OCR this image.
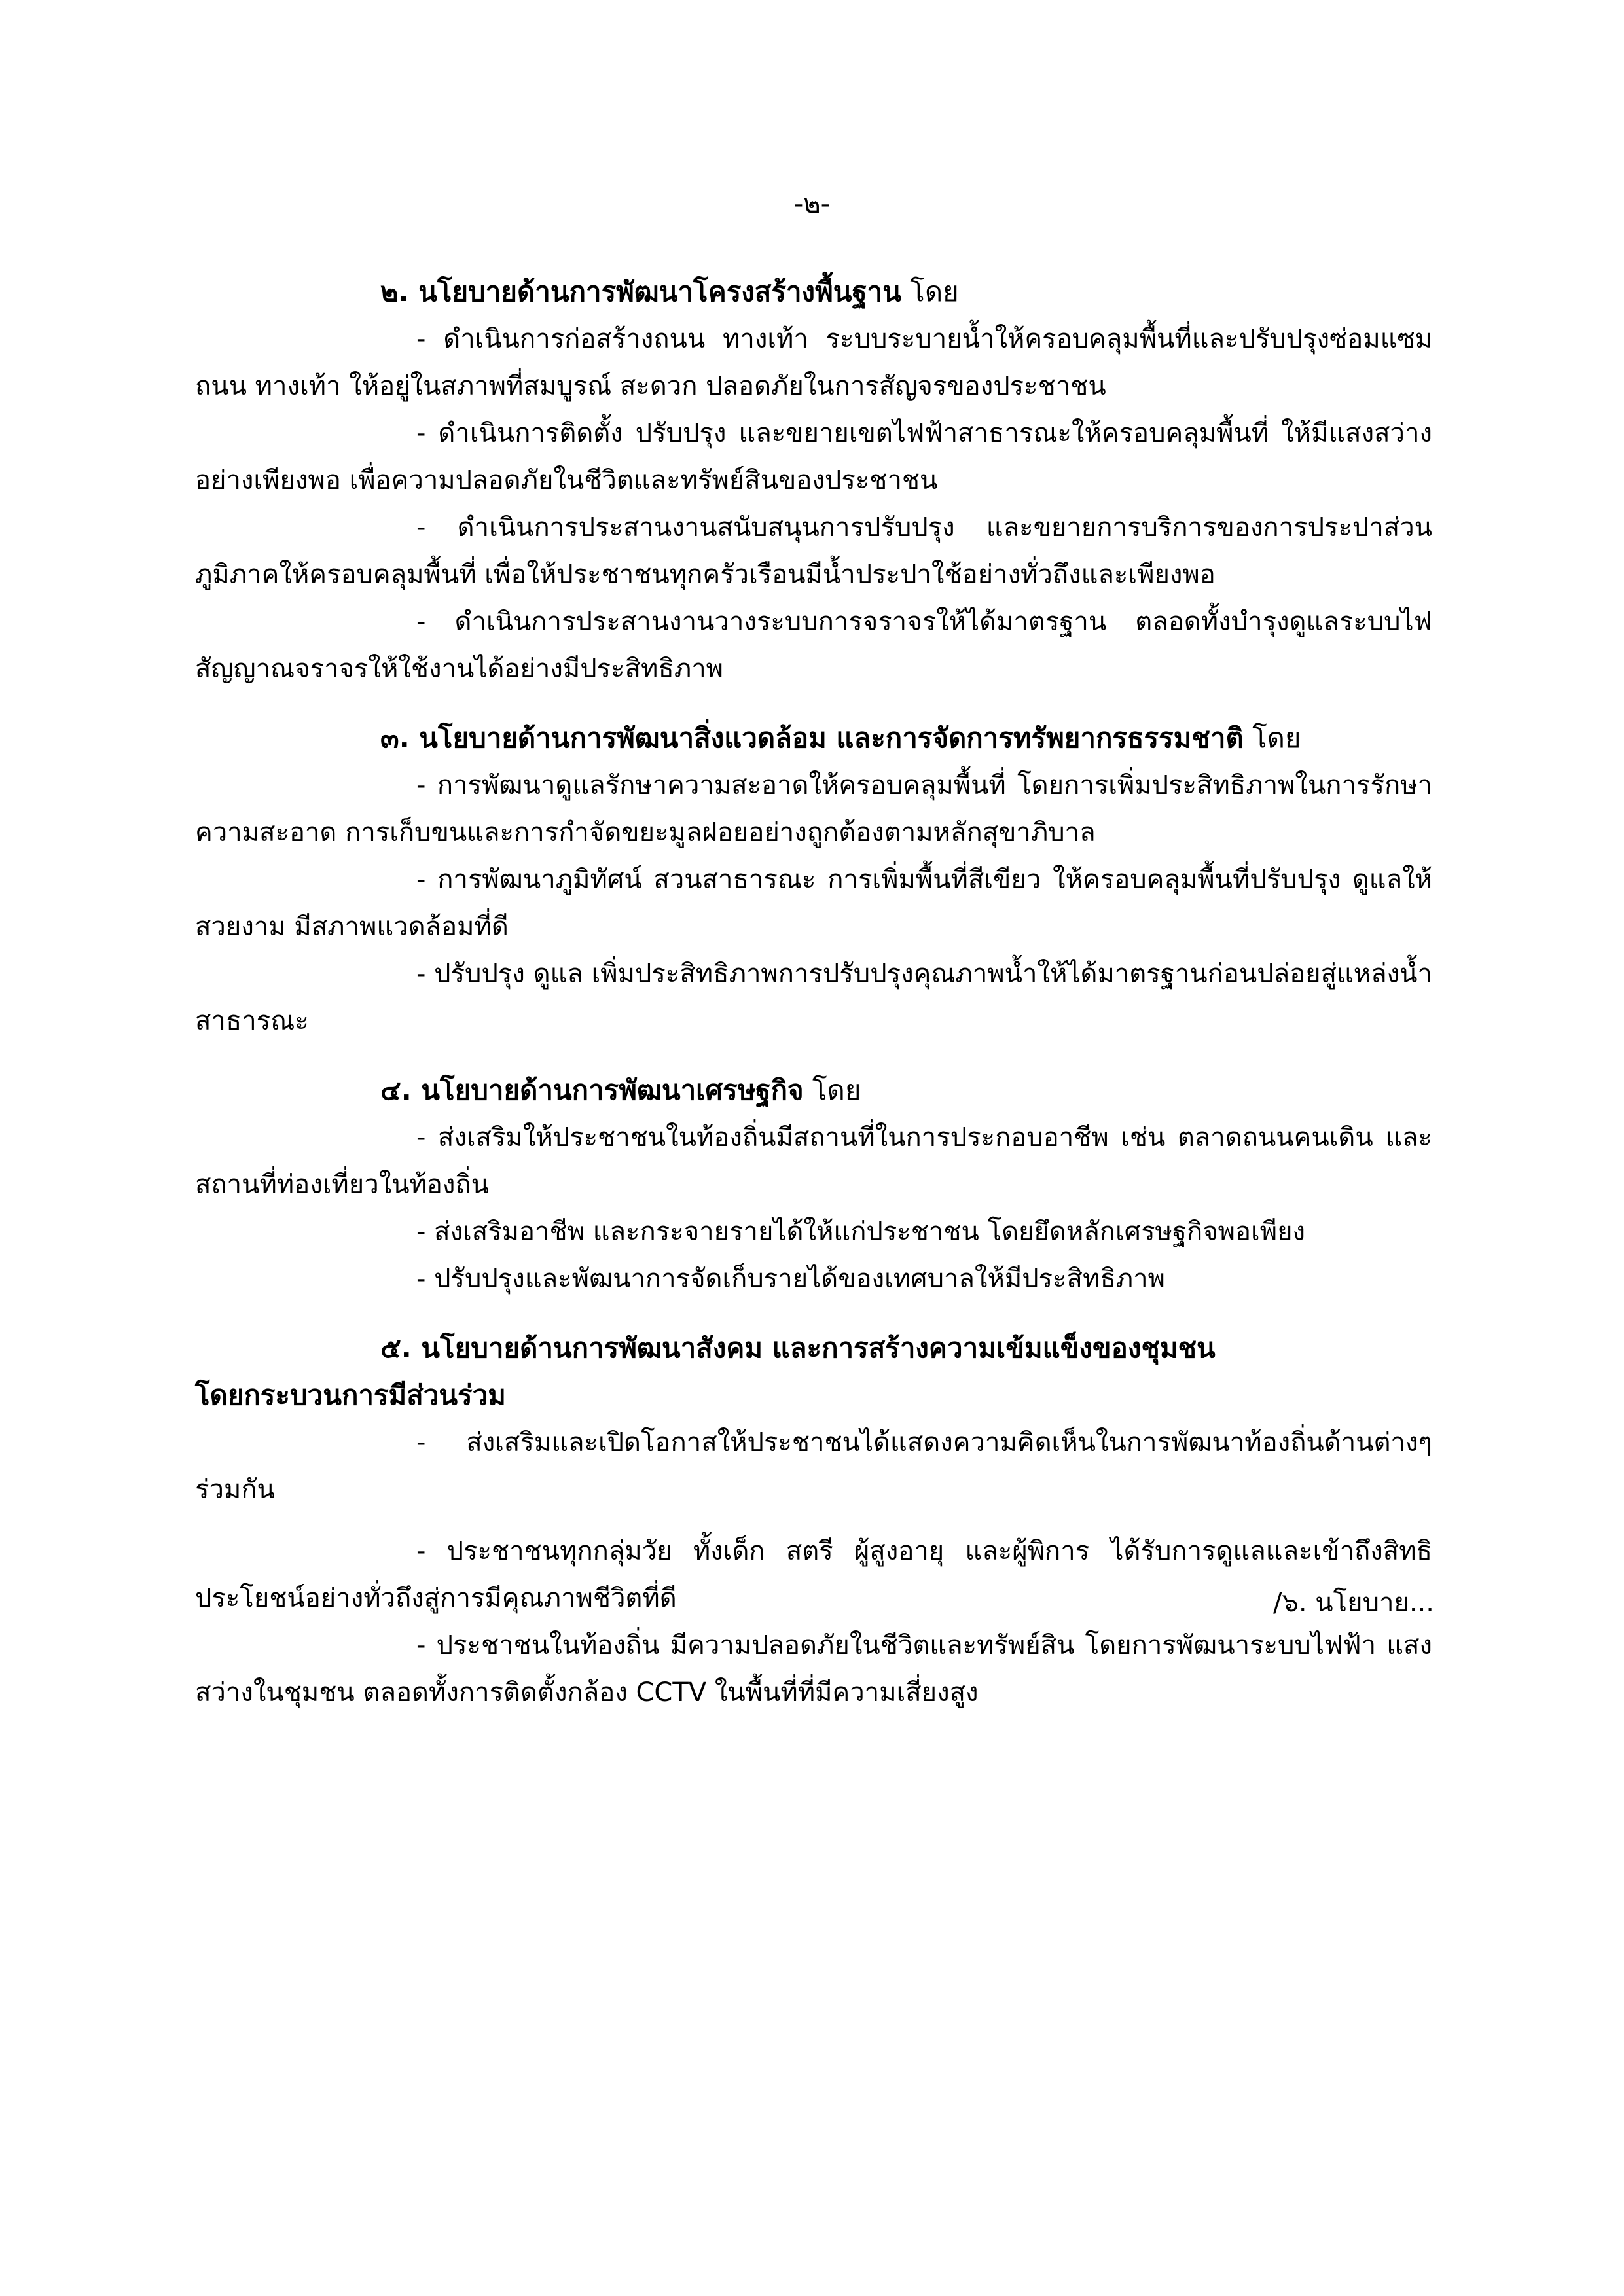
-๒-

๒. นโยบายด้านการพัฒนาโครงสร้างพื้นฐาน โดย

- ดำเนินการก่อสร้างถนน ทางเท้า ระบบระบายน้ำให้ครอบคลุมพื้นที่และปรับปรุงซ่อมแซม ถนน ทางเท้า ให้อยู่ในสภาพที่สมบูรณ์ สะดวก ปลอดภัยในการสัญจรของประชาชน

- ดำเนินการติดตั้ง ปรับปรุง และขยายเขตไฟฟ้าสาธารณะให้ครอบคลุมพื้นที่ ให้มีแสงสว่างอย่างเพียงพอ เพื่อความปลอดภัยในชีวิตและทรัพย์สินของประชาชน

- ดำเนินการประสานงานสนับสนุนการปรับปรุง และขยายการบริการของการประปาส่วนภูมิภาคให้ครอบคลุมพื้นที่ เพื่อให้ประชาชนทุกครัวเรือนมีน้ำประปาใช้อย่างทั่วถึงและเพียงพอ

- ดำเนินการประสานงานวางระบบการจราจรให้ได้มาตรฐาน ตลอดทั้งบำรุงดูแลระบบไฟสัญญาณจราจรให้ใช้งานได้อย่างมีประสิทธิภาพ

๓. นโยบายด้านการพัฒนาสิ่งแวดล้อม และการจัดการทรัพยากรธรรมชาติ โดย

- การพัฒนาดูแลรักษาความสะอาดให้ครอบคลุมพื้นที่ โดยการเพิ่มประสิทธิภาพในการรักษาความสะอาด การเก็บขนและการกำจัดขยะมูลฝอยอย่างถูกต้องตามหลักสุขาภิบาล

- การพัฒนาภูมิทัศน์ สวนสาธารณะ การเพิ่มพื้นที่สีเขียว ให้ครอบคลุมพื้นที่ปรับปรุง ดูแลให้สวยงาม มีสภาพแวดล้อมที่ดี

- ปรับปรุง ดูแล เพิ่มประสิทธิภาพการปรับปรุงคุณภาพน้ำให้ได้มาตรฐานก่อนปล่อยสู่แหล่งน้ำสาธารณะ

๔. นโยบายด้านการพัฒนาเศรษฐกิจ โดย

- ส่งเสริมให้ประชาชนในท้องถิ่นมีสถานที่ในการประกอบอาชีพ เช่น ตลาดถนนคนเดิน และสถานที่ท่องเที่ยวในท้องถิ่น

- ส่งเสริมอาชีพ และกระจายรายได้ให้แก่ประชาชน โดยยึดหลักเศรษฐกิจพอเพียง

- ปรับปรุงและพัฒนาการจัดเก็บรายได้ของเทศบาลให้มีประสิทธิภาพ

๕. นโยบายด้านการพัฒนาสังคม และการสร้างความเข้มแข็งของชุมชน
โดยกระบวนการมีส่วนร่วม

- ส่งเสริมและเปิดโอกาสให้ประชาชนได้แสดงความคิดเห็นในการพัฒนาท้องถิ่นด้านต่างๆ ร่วมกัน

- ประชาชนทุกกลุ่มวัย ทั้งเด็ก สตรี ผู้สูงอายุ และผู้พิการ ได้รับการดูแลและเข้าถึงสิทธิประโยชน์อย่างทั่วถึงสู่การมีคุณภาพชีวิตที่ดี

- ประชาชนในท้องถิ่น มีความปลอดภัยในชีวิตและทรัพย์สิน โดยการพัฒนาระบบไฟฟ้า แสงสว่างในชุมชน ตลอดทั้งการติดตั้งกล้อง CCTV ในพื้นที่ที่มีความเสี่ยงสูง

/๖. นโยบาย...
